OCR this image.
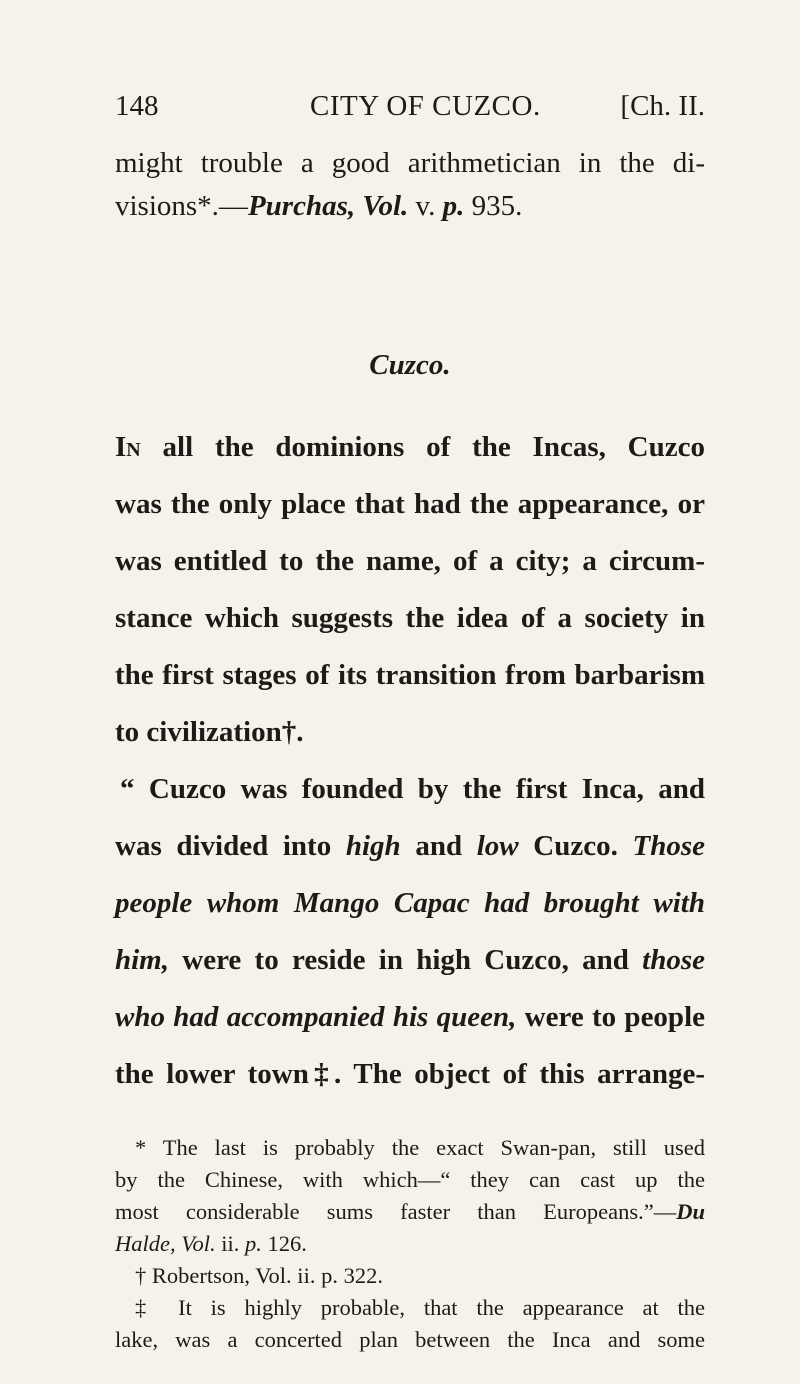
148	CITY OF CUZCO.	[Ch. II.
might trouble a good arithmetician in the di-
visions*.—Purchas, Vol. v. p. 935.
Cuzco.
In all the dominions of the Incas, Cuzco
was the only place that had the appearance, or
was entitled to the name, of a city; a circum-
stance which suggests the idea of a society in
the first stages of its transition from barbarism
to civilization†.
“ Cuzco was founded by the first Inca, and
was divided into high and low Cuzco. Those
people whom Mango Capac had brought with
him, were to reside in high Cuzco, and those
who had accompanied his queen, were to people
the lower town‡. The object of this arrange-
* The last is probably the exact Swan-pan, still used
by the Chinese, with which—“ they can cast up the
most considerable sums faster than Europeans.”—Du
Halde, Vol. ii. p. 126.
† Robertson, Vol. ii. p. 322.
‡ It is highly probable, that the appearance at the
lake, was a concerted plan between the Inca and some
